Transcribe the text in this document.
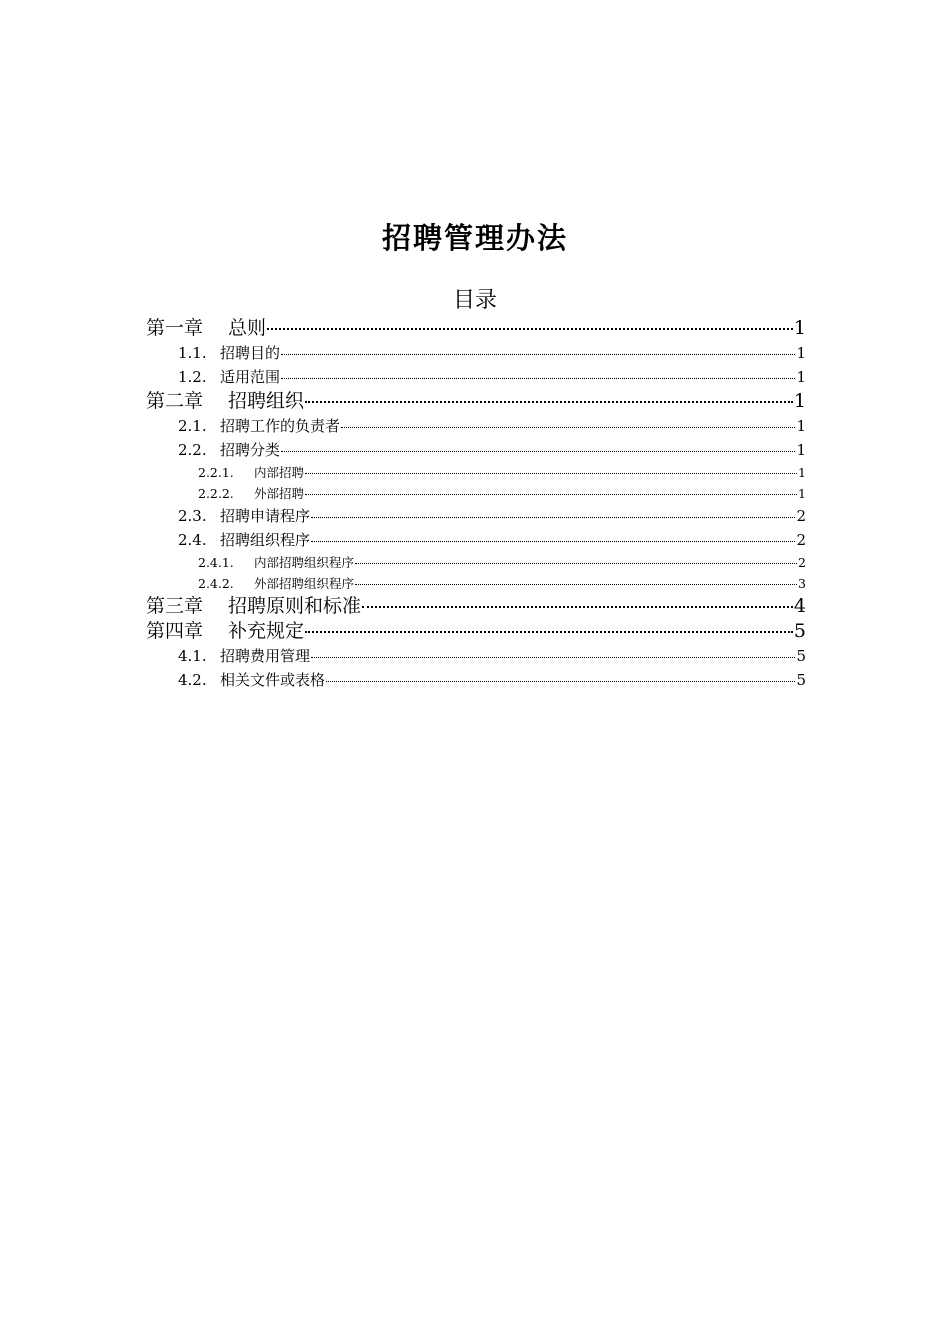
招聘管理办法
目录
第一章	总则	1
1.1. 招聘目的	1
1.2. 适用范围	1
第二章	招聘组织	1
2.1. 招聘工作的负责者	1
2.2. 招聘分类	1
2.2.1.	内部招聘	1
2.2.2.	外部招聘	1
2.3. 招聘申请程序	2
2.4. 招聘组织程序	2
2.4.1.	内部招聘组织程序	2
2.4.2.	外部招聘组织程序	3
第三章	招聘原则和标准	4
第四章	补充规定	5
4.1. 招聘费用管理	5
4.2. 相关文件或表格	5
